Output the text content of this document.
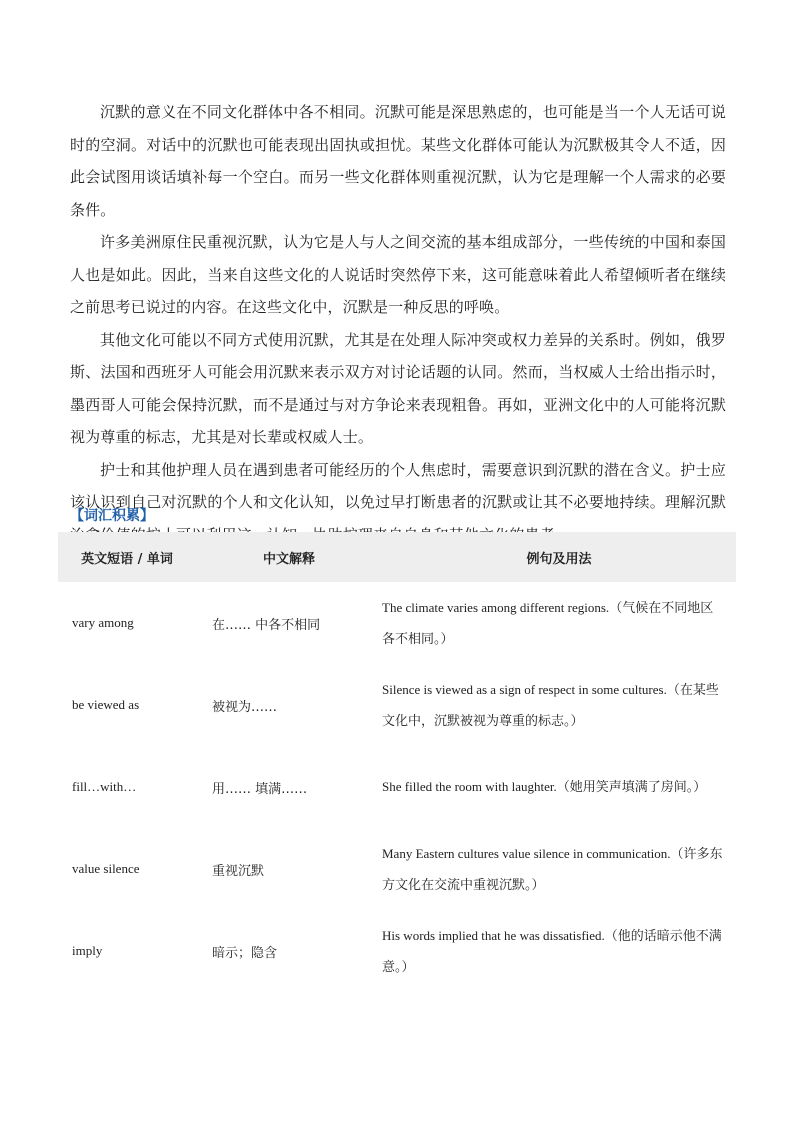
沉默的意义在不同文化群体中各不相同。沉默可能是深思熟虑的，也可能是当一个人无话可说时的空洞。对话中的沉默也可能表现出固执或担忧。某些文化群体可能认为沉默极其令人不适，因此会试图用谈话填补每一个空白。而另一些文化群体则重视沉默，认为它是理解一个人需求的必要条件。

许多美洲原住民重视沉默，认为它是人与人之间交流的基本组成部分，一些传统的中国和泰国人也是如此。因此，当来自这些文化的人说话时突然停下来，这可能意味着此人希望倾听者在继续之前思考已说过的内容。在这些文化中，沉默是一种反思的呼唤。

其他文化可能以不同方式使用沉默，尤其是在处理人际冲突或权力差异的关系时。例如，俄罗斯、法国和西班牙人可能会用沉默来表示双方对讨论话题的认同。然而，当权威人士给出指示时，墨西哥人可能会保持沉默，而不是通过与对方争论来表现粗鲁。再如，亚洲文化中的人可能将沉默视为尊重的标志，尤其是对长辈或权威人士。

护士和其他护理人员在遇到患者可能经历的个人焦虑时，需要意识到沉默的潜在含义。护士应该认识到自己对沉默的个人和文化认知，以免过早打断患者的沉默或让其不必要地持续。理解沉默治愈价值的护士可以利用这一认知，协助护理来自自身和其他文化的患者。

【词汇积累】
英文短语 / 单词	中文解释	例句及用法
vary among	在…… 中各不相同	The climate varies among different regions.（气候在不同地区各不相同。）
be viewed as	被视为……	Silence is viewed as a sign of respect in some cultures.（在某些文化中，沉默被视为尊重的标志。）
fill…with…	用…… 填满……	She filled the room with laughter.（她用笑声填满了房间。）
value silence	重视沉默	Many Eastern cultures value silence in communication.（许多东方文化在交流中重视沉默。）
imply	暗示；隐含	His words implied that he was dissatisfied.（他的话暗示他不满意。）
